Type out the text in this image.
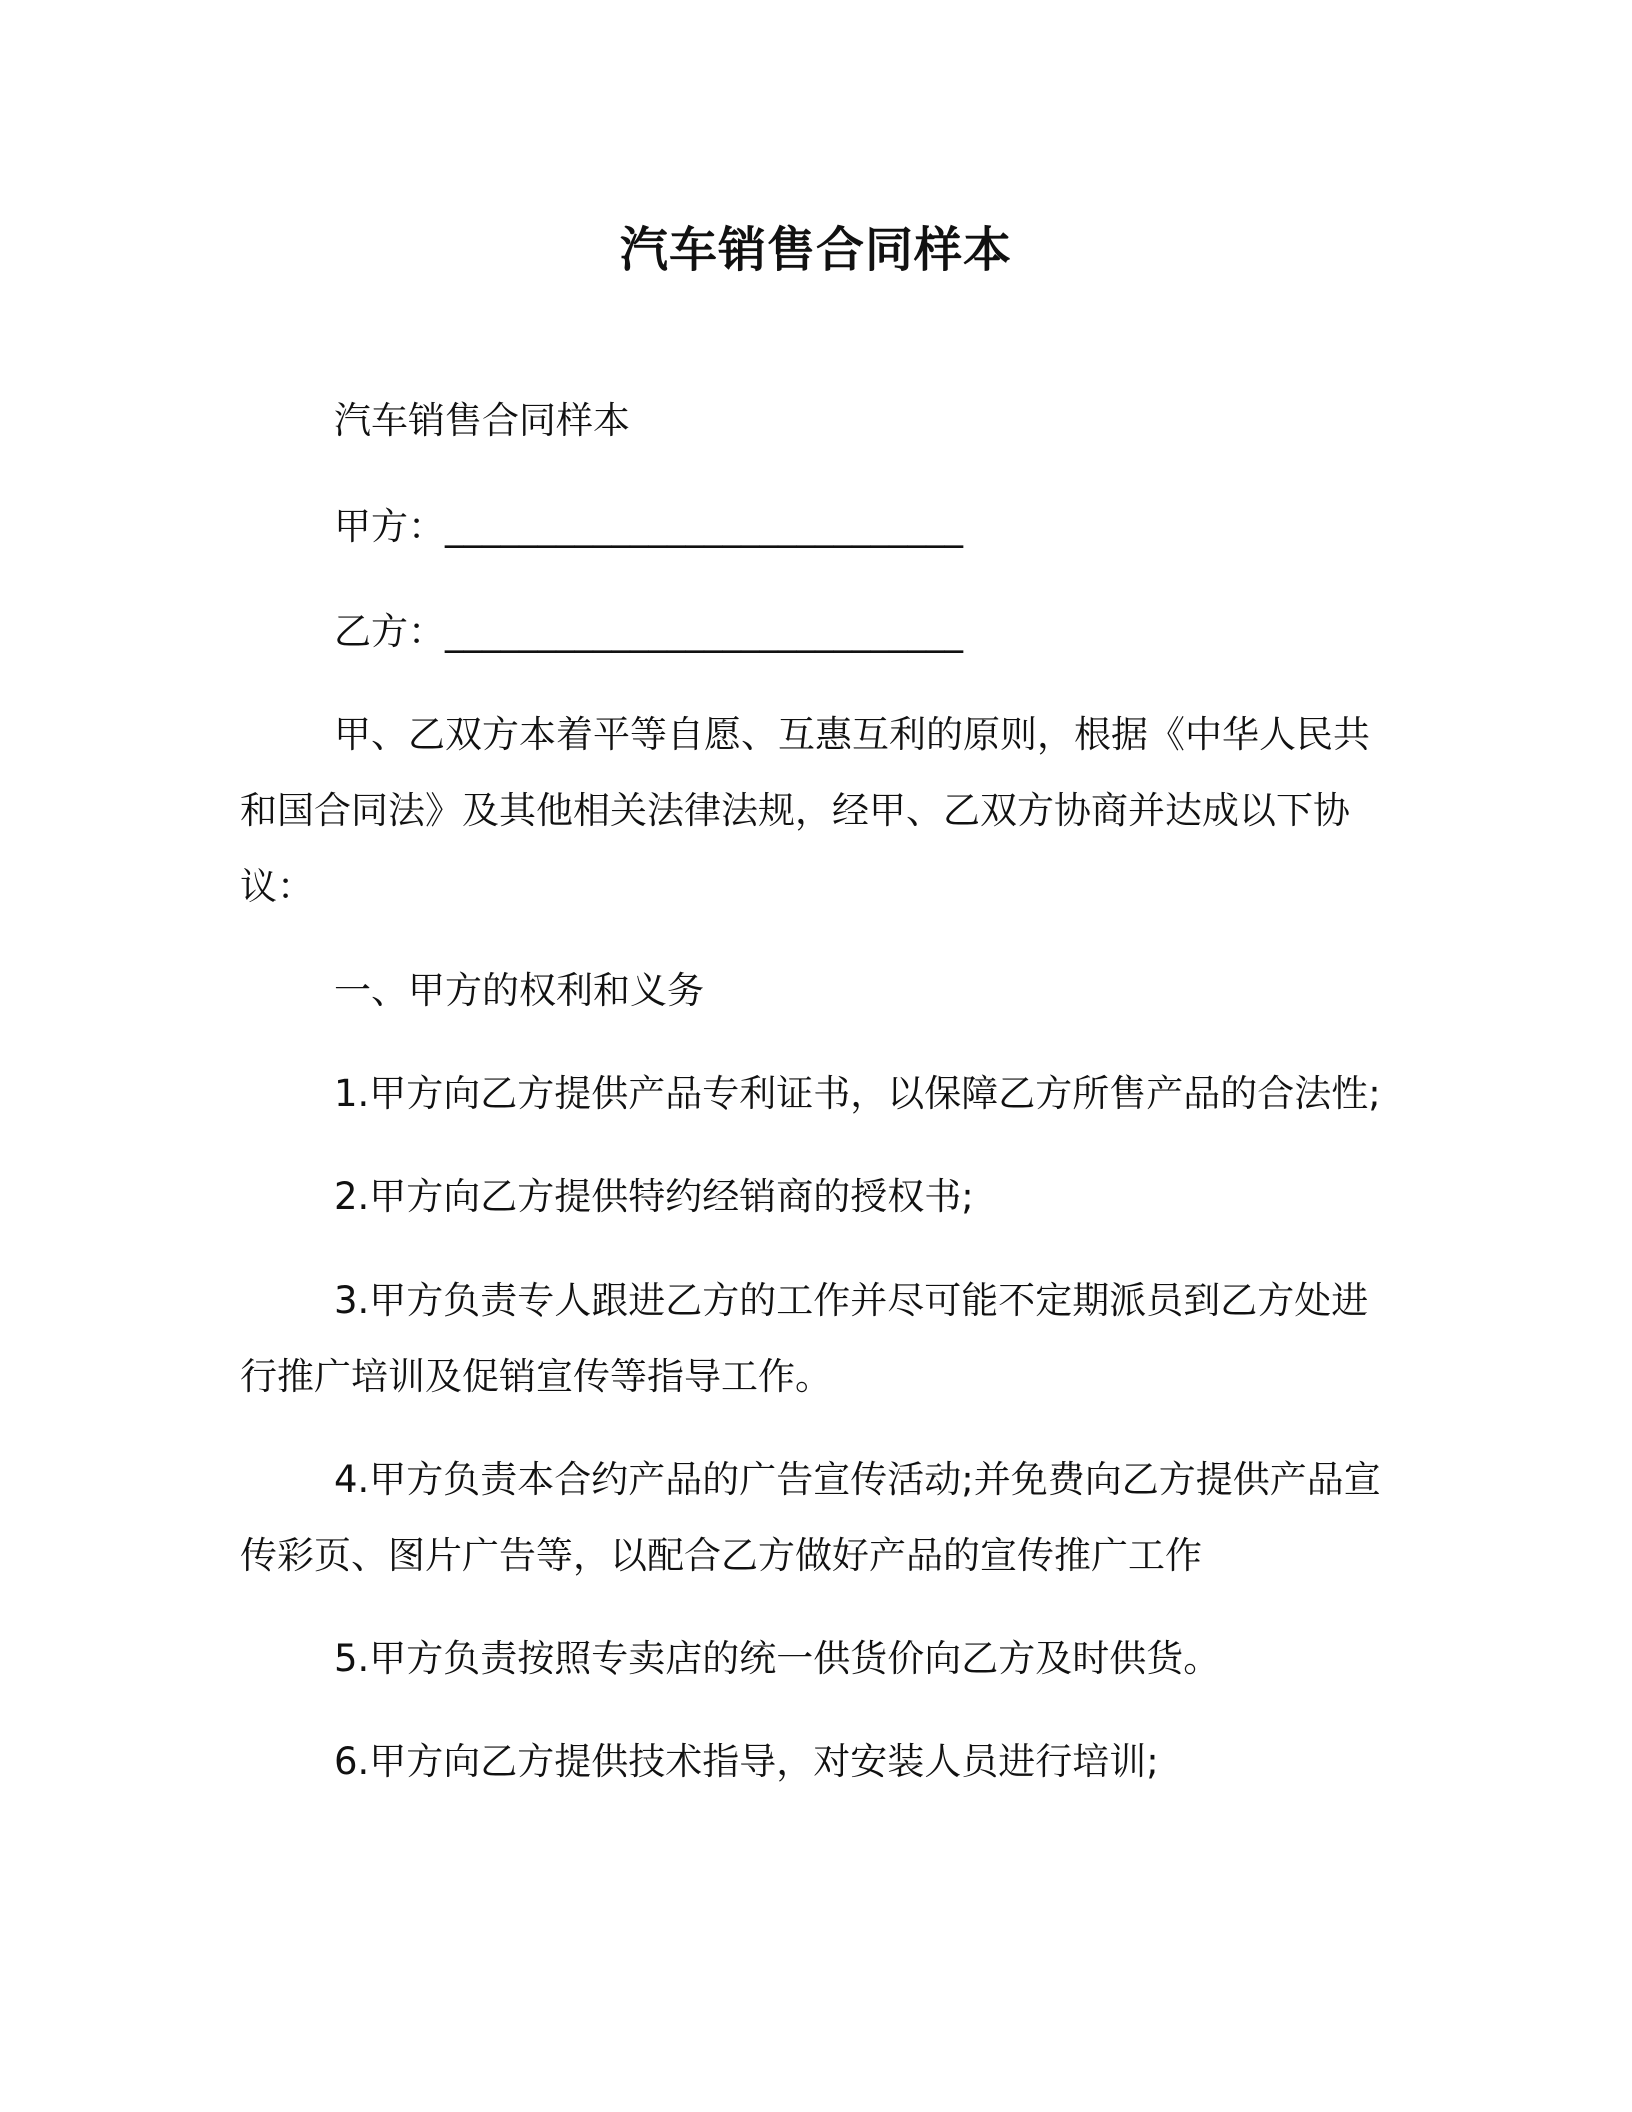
汽车销售合同样本
汽车销售合同样本
甲方：____________________________
乙方：____________________________
甲、乙双方本着平等自愿、互惠互利的原则，根据《中华人民共
和国合同法》及其他相关法律法规，经甲、乙双方协商并达成以下协
议：
一、甲方的权利和义务
1.甲方向乙方提供产品专利证书，以保障乙方所售产品的合法性;
2.甲方向乙方提供特约经销商的授权书;
3.甲方负责专人跟进乙方的工作并尽可能不定期派员到乙方处进
行推广培训及促销宣传等指导工作。
4.甲方负责本合约产品的广告宣传活动;并免费向乙方提供产品宣
传彩页、图片广告等，以配合乙方做好产品的宣传推广工作
5.甲方负责按照专卖店的统一供货价向乙方及时供货。
6.甲方向乙方提供技术指导，对安装人员进行培训;
